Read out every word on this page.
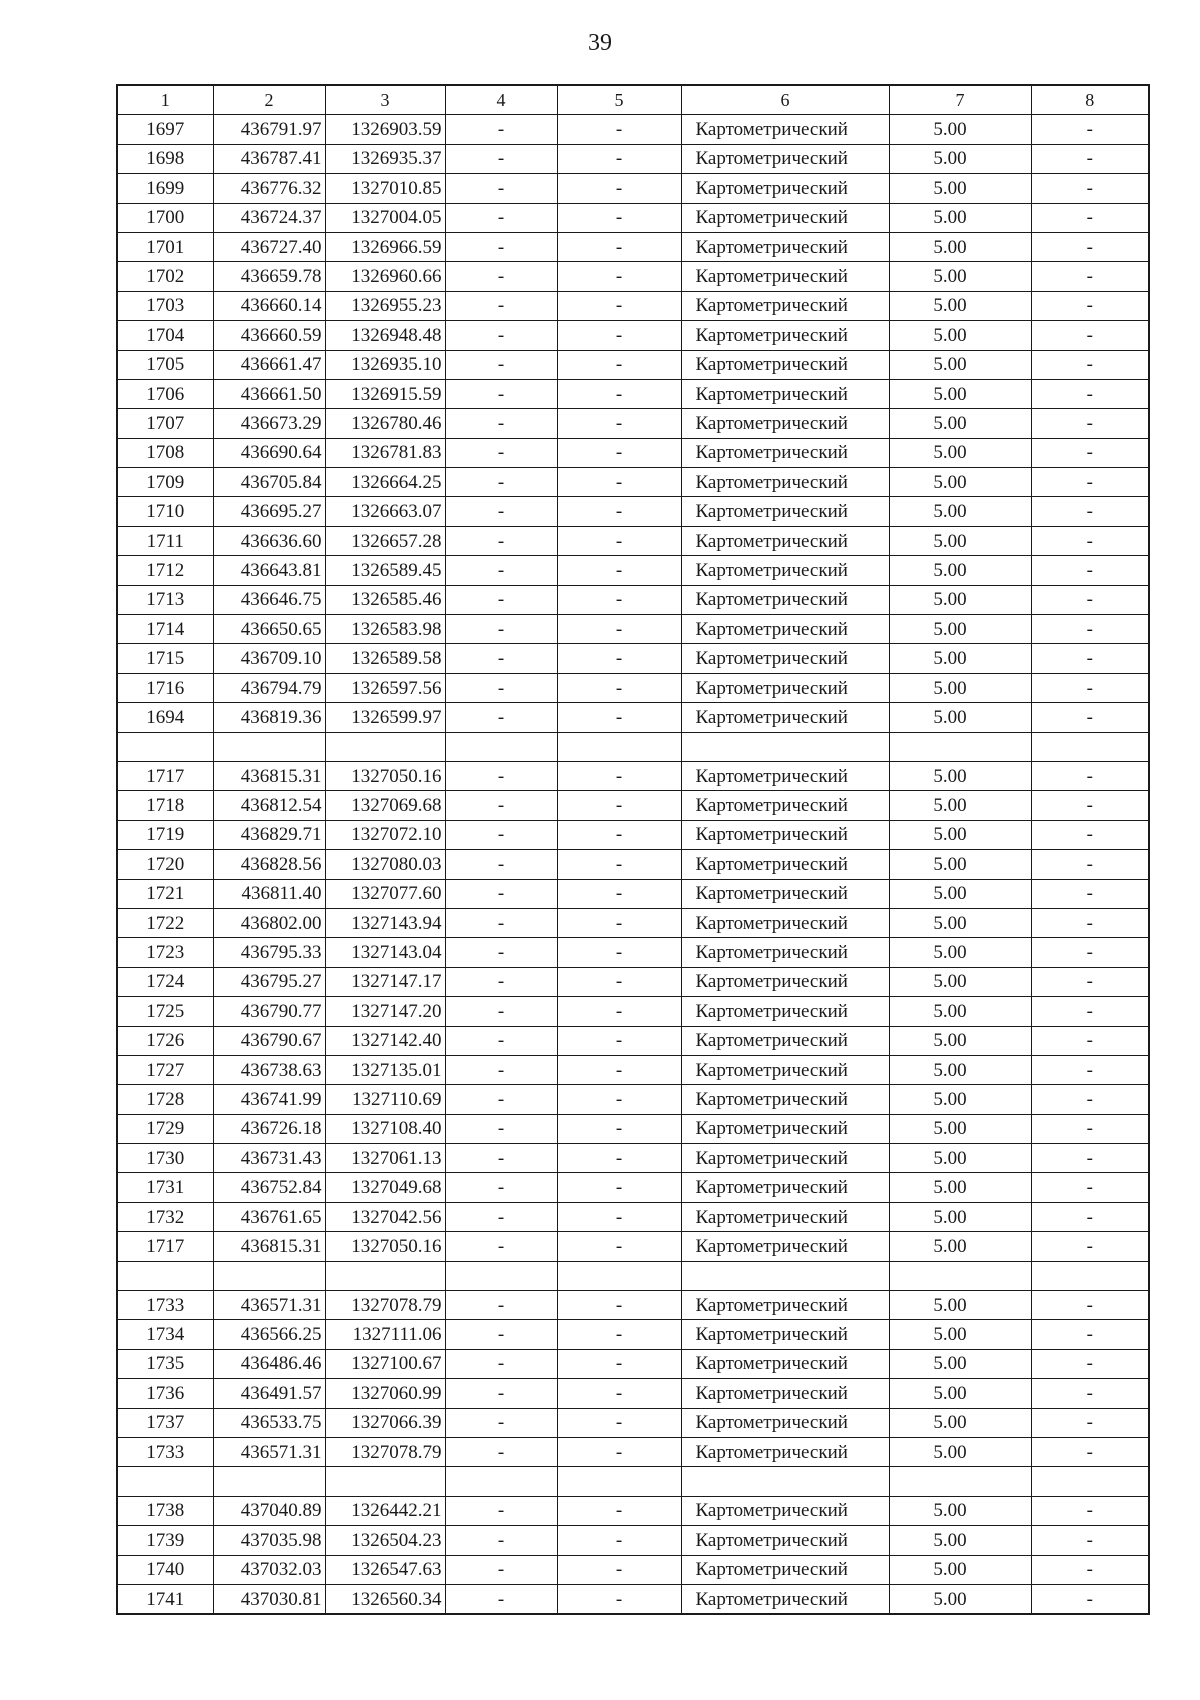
39
1	2	3	4	5	6	7	8
1697	436791.97	1326903.59	-	-	Картометрический	5.00	-
1698	436787.41	1326935.37	-	-	Картометрический	5.00	-
1699	436776.32	1327010.85	-	-	Картометрический	5.00	-
1700	436724.37	1327004.05	-	-	Картометрический	5.00	-
1701	436727.40	1326966.59	-	-	Картометрический	5.00	-
1702	436659.78	1326960.66	-	-	Картометрический	5.00	-
1703	436660.14	1326955.23	-	-	Картометрический	5.00	-
1704	436660.59	1326948.48	-	-	Картометрический	5.00	-
1705	436661.47	1326935.10	-	-	Картометрический	5.00	-
1706	436661.50	1326915.59	-	-	Картометрический	5.00	-
1707	436673.29	1326780.46	-	-	Картометрический	5.00	-
1708	436690.64	1326781.83	-	-	Картометрический	5.00	-
1709	436705.84	1326664.25	-	-	Картометрический	5.00	-
1710	436695.27	1326663.07	-	-	Картометрический	5.00	-
1711	436636.60	1326657.28	-	-	Картометрический	5.00	-
1712	436643.81	1326589.45	-	-	Картометрический	5.00	-
1713	436646.75	1326585.46	-	-	Картометрический	5.00	-
1714	436650.65	1326583.98	-	-	Картометрический	5.00	-
1715	436709.10	1326589.58	-	-	Картометрический	5.00	-
1716	436794.79	1326597.56	-	-	Картометрический	5.00	-
1694	436819.36	1326599.97	-	-	Картометрический	5.00	-

1717	436815.31	1327050.16	-	-	Картометрический	5.00	-
1718	436812.54	1327069.68	-	-	Картометрический	5.00	-
1719	436829.71	1327072.10	-	-	Картометрический	5.00	-
1720	436828.56	1327080.03	-	-	Картометрический	5.00	-
1721	436811.40	1327077.60	-	-	Картометрический	5.00	-
1722	436802.00	1327143.94	-	-	Картометрический	5.00	-
1723	436795.33	1327143.04	-	-	Картометрический	5.00	-
1724	436795.27	1327147.17	-	-	Картометрический	5.00	-
1725	436790.77	1327147.20	-	-	Картометрический	5.00	-
1726	436790.67	1327142.40	-	-	Картометрический	5.00	-
1727	436738.63	1327135.01	-	-	Картометрический	5.00	-
1728	436741.99	1327110.69	-	-	Картометрический	5.00	-
1729	436726.18	1327108.40	-	-	Картометрический	5.00	-
1730	436731.43	1327061.13	-	-	Картометрический	5.00	-
1731	436752.84	1327049.68	-	-	Картометрический	5.00	-
1732	436761.65	1327042.56	-	-	Картометрический	5.00	-
1717	436815.31	1327050.16	-	-	Картометрический	5.00	-

1733	436571.31	1327078.79	-	-	Картометрический	5.00	-
1734	436566.25	1327111.06	-	-	Картометрический	5.00	-
1735	436486.46	1327100.67	-	-	Картометрический	5.00	-
1736	436491.57	1327060.99	-	-	Картометрический	5.00	-
1737	436533.75	1327066.39	-	-	Картометрический	5.00	-
1733	436571.31	1327078.79	-	-	Картометрический	5.00	-

1738	437040.89	1326442.21	-	-	Картометрический	5.00	-
1739	437035.98	1326504.23	-	-	Картометрический	5.00	-
1740	437032.03	1326547.63	-	-	Картометрический	5.00	-
1741	437030.81	1326560.34	-	-	Картометрический	5.00	-
